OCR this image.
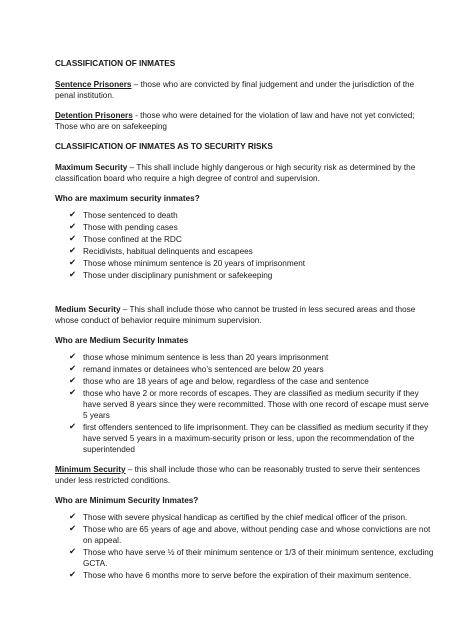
CLASSIFICATION OF INMATES

Sentence Prisoners – those who are convicted by final judgement and under the jurisdiction of the penal institution.

Detention Prisoners - those who were detained for the violation of law and have not yet convicted; Those who are on safekeeping

CLASSIFICATION OF INMATES AS TO SECURITY RISKS

Maximum Security – This shall include highly dangerous or high security risk as determined by the classification board who require a high degree of control and supervision.

Who are maximum security inmates?
✔ Those sentenced to death
✔ Those with pending cases
✔ Those confined at the RDC
✔ Recidivists, habitual delinquents and escapees
✔ Those whose minimum sentence is 20 years of imprisonment
✔ Those under disciplinary punishment or safekeeping

Medium Security – This shall include those who cannot be trusted in less secured areas and those whose conduct of behavior require minimum supervision.

Who are Medium Security Inmates
✔ those whose minimum sentence is less than 20 years imprisonment
✔ remand inmates or detainees who’s sentenced are below 20 years
✔ those who are 18 years of age and below, regardless of the case and sentence
✔ those who have 2 or more records of escapes. They are classified as medium security if they have served 8 years since they were recommitted. Those with one record of escape must serve 5 years
✔ first offenders sentenced to life imprisonment. They can be classified as medium security if they have served 5 years in a maximum-security prison or less, upon the recommendation of the superintended

Minimum Security – this shall include those who can be reasonably trusted to serve their sentences under less restricted conditions.

Who are Minimum Security Inmates?
✔ Those with severe physical handicap as certified by the chief medical officer of the prison.
✔ Those who are 65 years of age and above, without pending case and whose convictions are not on appeal.
✔ Those who have serve ½ of their minimum sentence or 1/3 of their minimum sentence, excluding GCTA.
✔ Those who have 6 months more to serve before the expiration of their maximum sentence.
